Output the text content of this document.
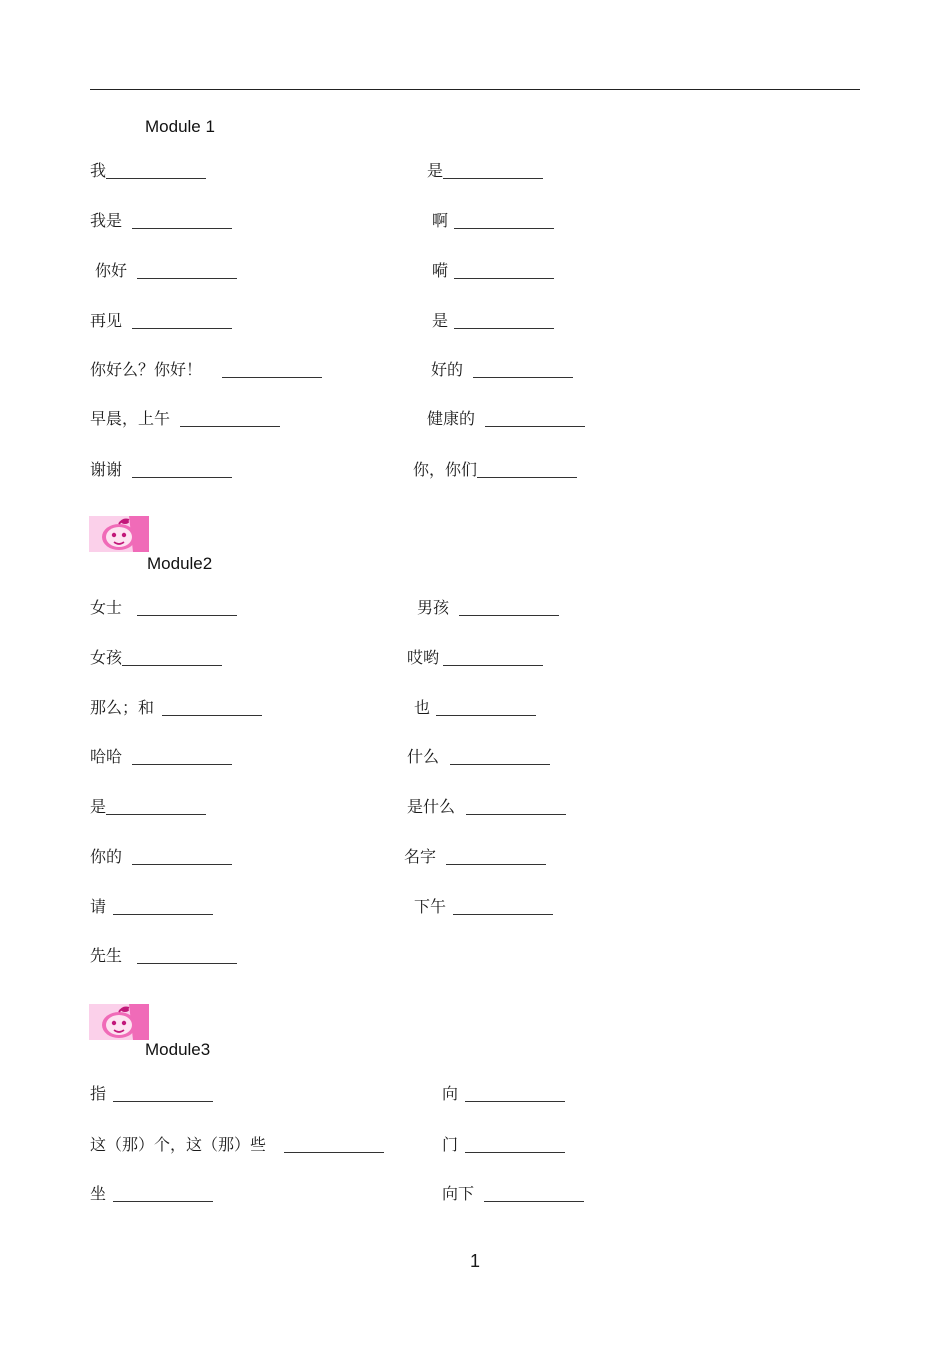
Module 1
我
我是
你好
再见
你好么？你好！
早晨，上午
谢谢
是
啊
嗬
是
好的
健康的
你，你们
Module2
女士
女孩
那么；和
哈哈
是
你的
请
先生
男孩
哎哟
也
什么
是什么
名字
下午
Module3
指
这（那）个，这（那）些
坐
向
门
向下
1
